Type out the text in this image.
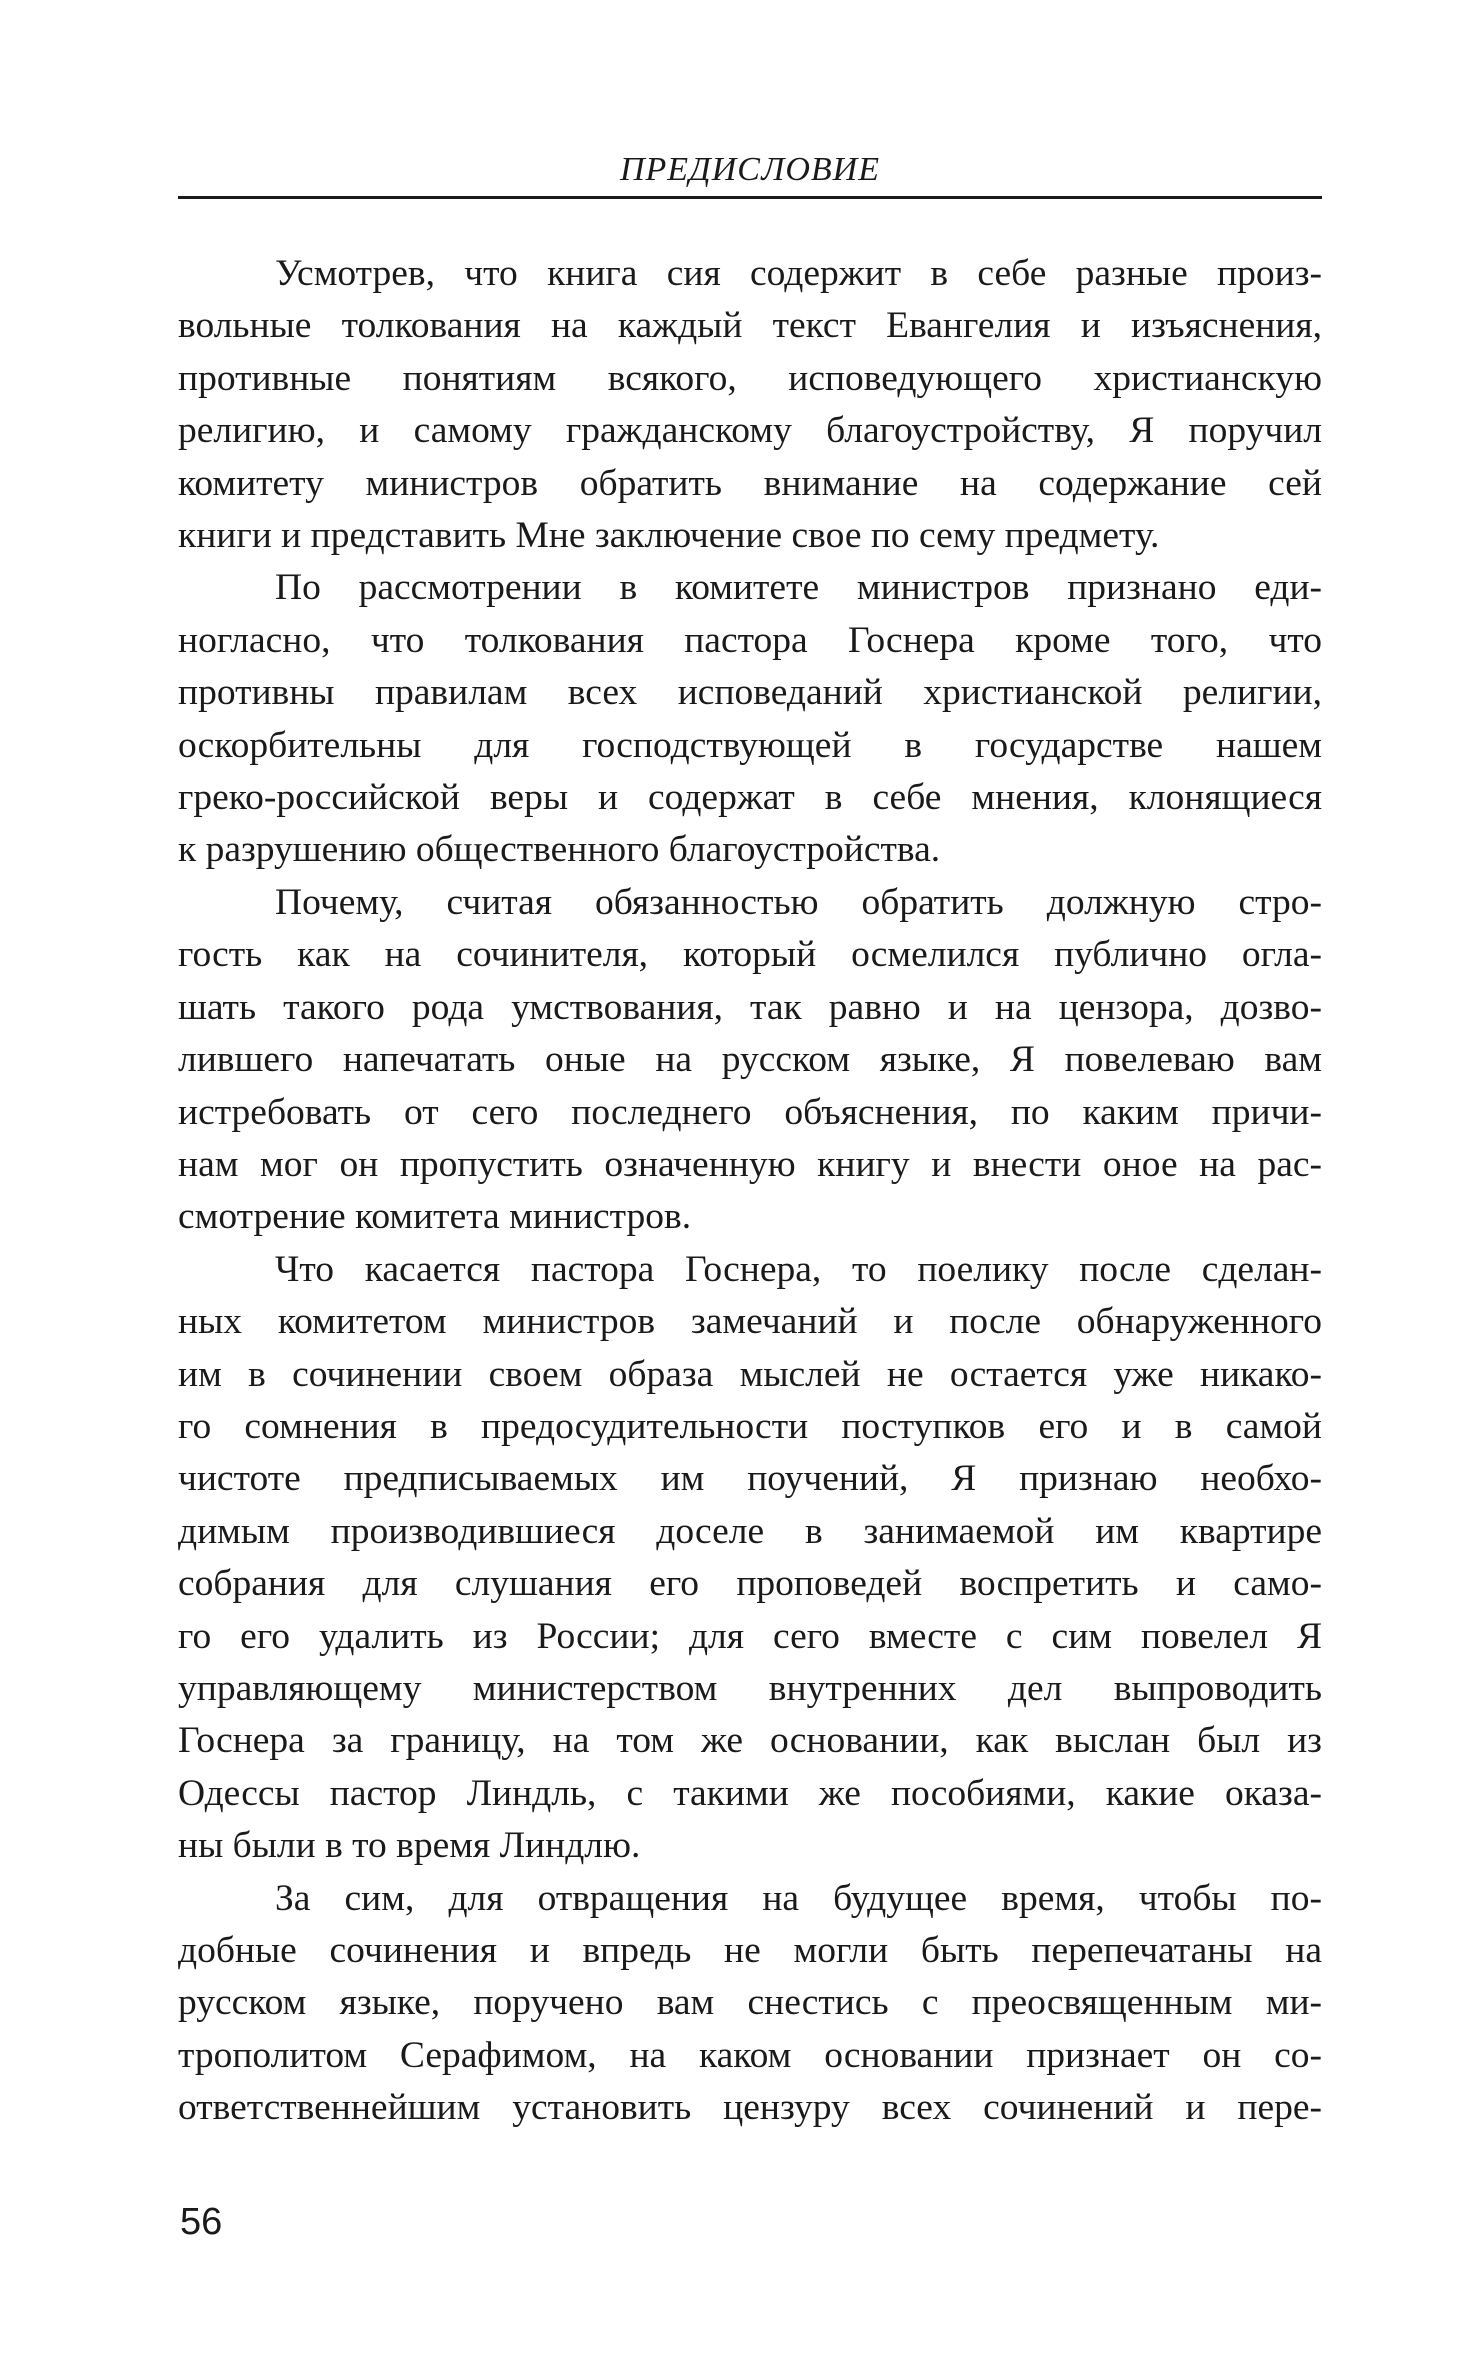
ПРЕДИСЛОВИЕ
Усмотрев, что книга сия содержит в себе разные произ-
вольные толкования на каждый текст Евангелия и изъяснения,
противные понятиям всякого, исповедующего христианскую
религию, и самому гражданскому благоустройству, Я поручил
комитету министров обратить внимание на содержание сей
книги и представить Мне заключение свое по сему предмету.
По рассмотрении в комитете министров признано еди-
ногласно, что толкования пастора Госнера кроме того, что
противны правилам всех исповеданий христианской религии,
оскорбительны для господствующей в государстве нашем
греко-российской веры и содержат в себе мнения, клонящиеся
к разрушению общественного благоустройства.
Почему, считая обязанностью обратить должную стро-
гость как на сочинителя, который осмелился публично огла-
шать такого рода умствования, так равно и на цензора, дозво-
лившего напечатать оные на русском языке, Я повелеваю вам
истребовать от сего последнего объяснения, по каким причи-
нам мог он пропустить означенную книгу и внести оное на рас-
смотрение комитета министров.
Что касается пастора Госнера, то поелику после сделан-
ных комитетом министров замечаний и после обнаруженного
им в сочинении своем образа мыслей не остается уже никако-
го сомнения в предосудительности поступков его и в самой
чистоте предписываемых им поучений, Я признаю необхо-
димым производившиеся доселе в занимаемой им квартире
собрания для слушания его проповедей воспретить и само-
го его удалить из России; для сего вместе с сим повелел Я
управляющему министерством внутренних дел выпроводить
Госнера за границу, на том же основании, как выслан был из
Одессы пастор Линдль, с такими же пособиями, какие оказа-
ны были в то время Линдлю.
За сим, для отвращения на будущее время, чтобы по-
добные сочинения и впредь не могли быть перепечатаны на
русском языке, поручено вам снестись с преосвященным ми-
трополитом Серафимом, на каком основании признает он со-
ответственнейшим установить цензуру всех сочинений и пере-
56
